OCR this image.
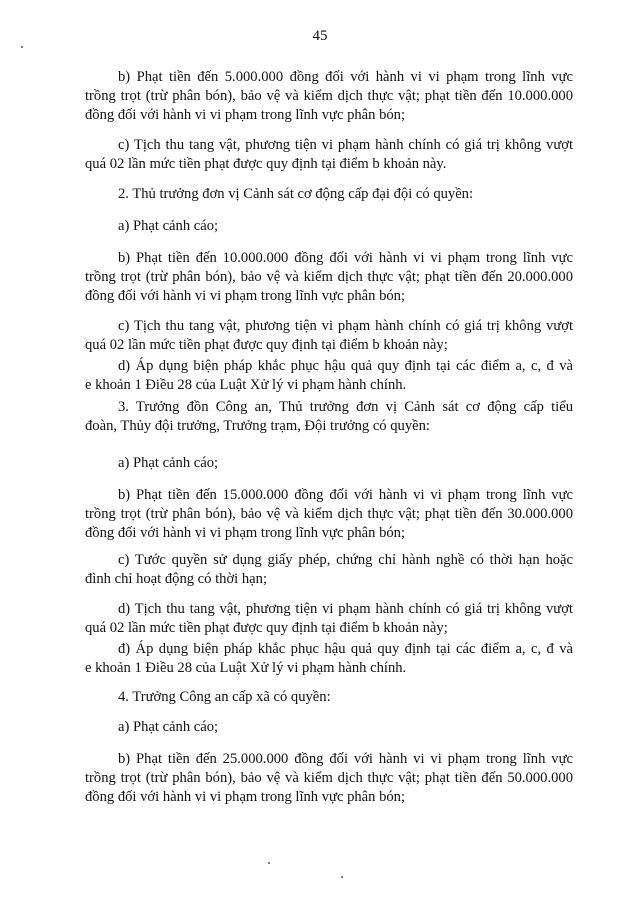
45
b) Phạt tiền đến 5.000.000 đồng đối với hành vi vi phạm trong lĩnh vực
trồng trọt (trừ phân bón), bảo vệ và kiểm dịch thực vật; phạt tiền đến 10.000.000
đồng đối với hành vi vi phạm trong lĩnh vực phân bón;
c) Tịch thu tang vật, phương tiện vi phạm hành chính có giá trị không vượt
quá 02 lần mức tiền phạt được quy định tại điểm b khoản này.
2. Thủ trưởng đơn vị Cảnh sát cơ động cấp đại đội có quyền:
a) Phạt cảnh cáo;
b) Phạt tiền đến 10.000.000 đồng đối với hành vi vi phạm trong lĩnh vực
trồng trọt (trừ phân bón), bảo vệ và kiểm dịch thực vật; phạt tiền đến 20.000.000
đồng đối với hành vi vi phạm trong lĩnh vực phân bón;
c) Tịch thu tang vật, phương tiện vi phạm hành chính có giá trị không vượt
quá 02 lần mức tiền phạt được quy định tại điểm b khoản này;
d) Áp dụng biện pháp khắc phục hậu quả quy định tại các điểm a, c, đ và
e khoản 1 Điều 28 của Luật Xử lý vi phạm hành chính.
3. Trưởng đồn Công an, Thủ trưởng đơn vị Cảnh sát cơ động cấp tiểu
đoàn, Thủy đội trưởng, Trưởng trạm, Đội trưởng có quyền:
a) Phạt cảnh cáo;
b) Phạt tiền đến 15.000.000 đồng đối với hành vi vi phạm trong lĩnh vực
trồng trọt (trừ phân bón), bảo vệ và kiểm dịch thực vật; phạt tiền đến 30.000.000
đồng đối với hành vi vi phạm trong lĩnh vực phân bón;
c) Tước quyền sử dụng giấy phép, chứng chỉ hành nghề có thời hạn hoặc
đình chỉ hoạt động có thời hạn;
d) Tịch thu tang vật, phương tiện vi phạm hành chính có giá trị không vượt
quá 02 lần mức tiền phạt được quy định tại điểm b khoản này;
đ) Áp dụng biện pháp khắc phục hậu quả quy định tại các điểm a, c, đ và
e khoản 1 Điều 28 của Luật Xử lý vi phạm hành chính.
4. Trưởng Công an cấp xã có quyền:
a) Phạt cảnh cáo;
b) Phạt tiền đến 25.000.000 đồng đối với hành vi vi phạm trong lĩnh vực
trồng trọt (trừ phân bón), bảo vệ và kiểm dịch thực vật; phạt tiền đến 50.000.000
đồng đối với hành vi vi phạm trong lĩnh vực phân bón;
